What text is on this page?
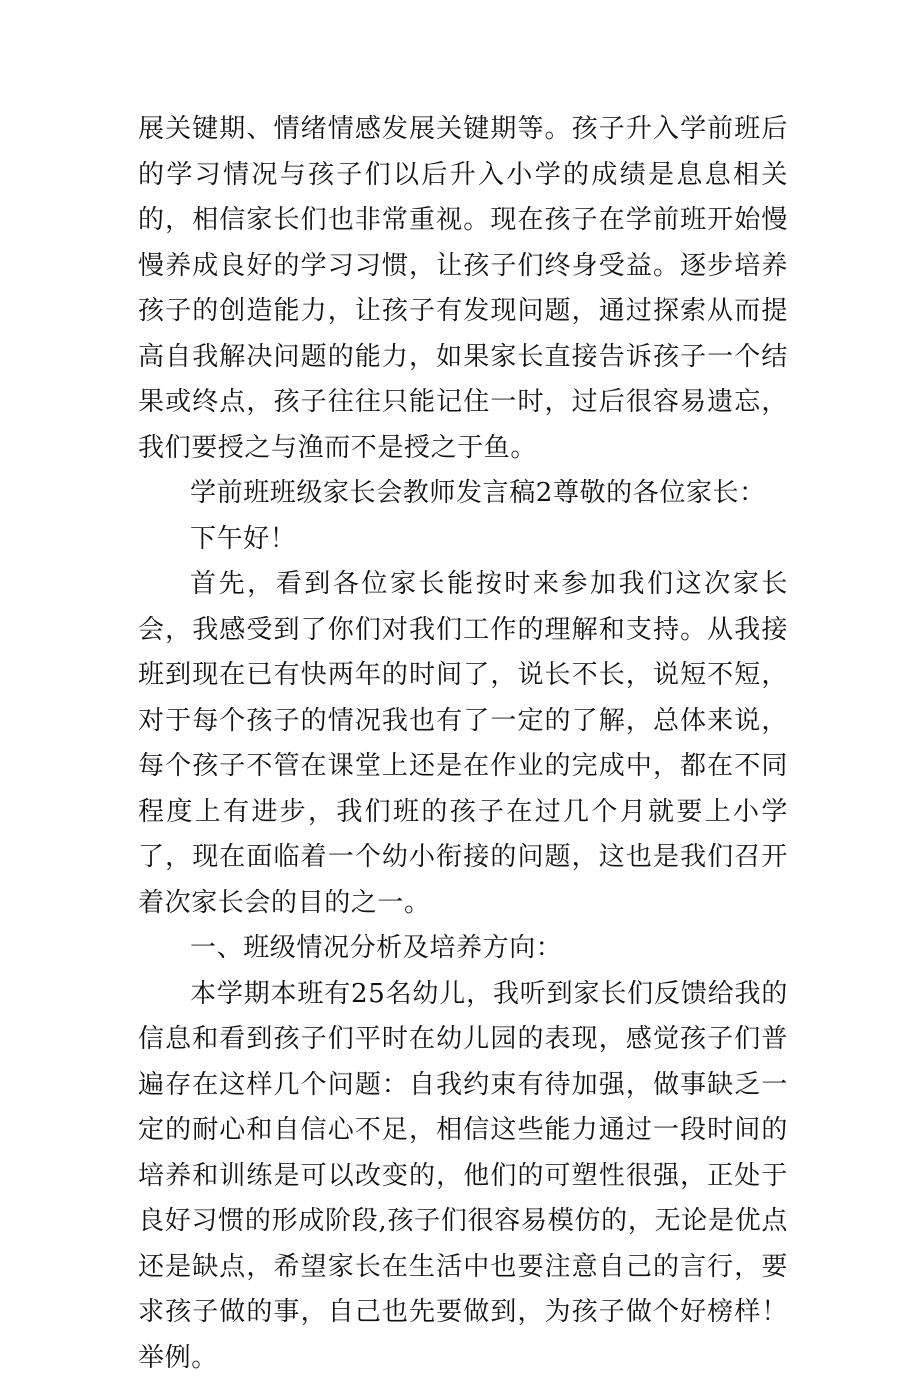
展关键期、情绪情感发展关键期等。孩子升入学前班后的学习情况与孩子们以后升入小学的成绩是息息相关的，相信家长们也非常重视。现在孩子在学前班开始慢慢养成良好的学习习惯，让孩子们终身受益。逐步培养孩子的创造能力，让孩子有发现问题，通过探索从而提高自我解决问题的能力，如果家长直接告诉孩子一个结果或终点，孩子往往只能记住一时，过后很容易遗忘，我们要授之与渔而不是授之于鱼。

学前班班级家长会教师发言稿2尊敬的各位家长：

下午好！

首先，看到各位家长能按时来参加我们这次家长会，我感受到了你们对我们工作的理解和支持。从我接班到现在已有快两年的时间了，说长不长，说短不短，对于每个孩子的情况我也有了一定的了解，总体来说，每个孩子不管在课堂上还是在作业的完成中，都在不同程度上有进步，我们班的孩子在过几个月就要上小学了，现在面临着一个幼小衔接的问题，这也是我们召开着次家长会的目的之一。

一、班级情况分析及培养方向：

本学期本班有25名幼儿，我听到家长们反馈给我的信息和看到孩子们平时在幼儿园的表现，感觉孩子们普遍存在这样几个问题：自我约束有待加强，做事缺乏一定的耐心和自信心不足，相信这些能力通过一段时间的培养和训练是可以改变的，他们的可塑性很强，正处于良好习惯的形成阶段,孩子们很容易模仿的，无论是优点还是缺点，希望家长在生活中也要注意自己的言行，要求孩子做的事，自己也先要做到，为孩子做个好榜样！举例。
